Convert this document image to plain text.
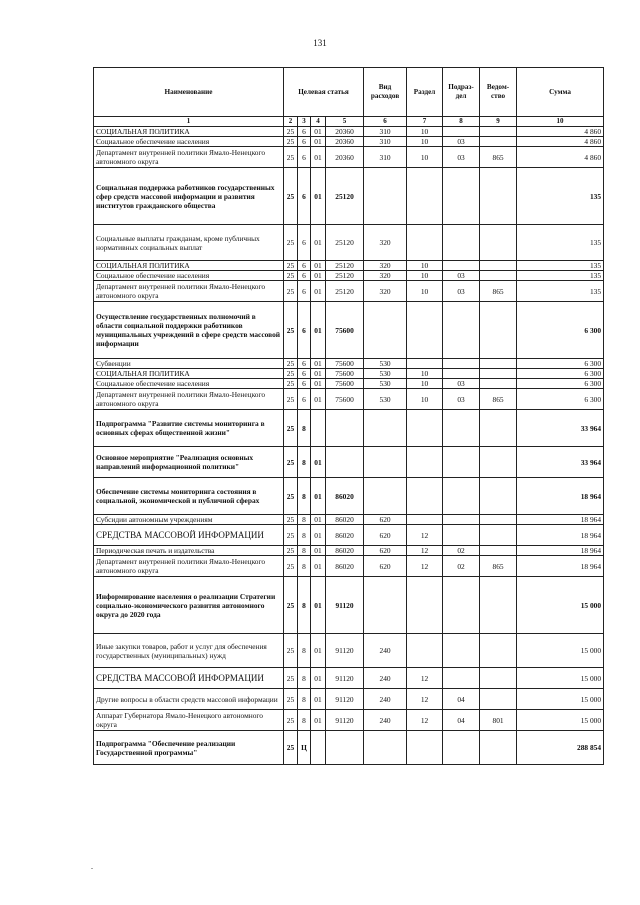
131
Наименование	Целевая статья				Вид расходов	Раздел	Подраз-дел	Ведом-ство	Сумма
1	2	3	4	5	6	7	8	9	10
СОЦИАЛЬНАЯ ПОЛИТИКА	25	6	01	20360	310	10			4 860
Социальное обеспечение населения	25	6	01	20360	310	10	03		4 860
Департамент внутренней политики Ямало-Ненецкого автономного округа	25	6	01	20360	310	10	03	865	4 860
Социальная поддержка работников государственных сфер средств массовой информации и развития институтов гражданского общества	25	6	01	25120					135
Социальные выплаты гражданам, кроме публичных нормативных социальных выплат	25	6	01	25120	320				135
СОЦИАЛЬНАЯ ПОЛИТИКА	25	6	01	25120	320	10			135
Социальное обеспечение населения	25	6	01	25120	320	10	03		135
Департамент внутренней политики Ямало-Ненецкого автономного округа	25	6	01	25120	320	10	03	865	135
Осуществление государственных полномочий в области социальной поддержки работников муниципальных учреждений в сфере средств массовой информации	25	6	01	75600					6 300
Субвенции	25	6	01	75600	530				6 300
СОЦИАЛЬНАЯ ПОЛИТИКА	25	6	01	75600	530	10			6 300
Социальное обеспечение населения	25	6	01	75600	530	10	03		6 300
Департамент внутренней политики Ямало-Ненецкого автономного округа	25	6	01	75600	530	10	03	865	6 300
Подпрограмма "Развитие системы мониторинга в основных сферах общественной жизни"	25	8							33 964
Основное мероприятие "Реализация основных направлений информационной политики"	25	8	01						33 964
Обеспечение системы мониторинга состояния в социальной, экономической и публичной сферах	25	8	01	86020					18 964
Субсидии автономным учреждениям	25	8	01	86020	620				18 964
СРЕДСТВА МАССОВОЙ ИНФОРМАЦИИ	25	8	01	86020	620	12			18 964
Периодическая печать и издательства	25	8	01	86020	620	12	02		18 964
Департамент внутренней политики Ямало-Ненецкого автономного округа	25	8	01	86020	620	12	02	865	18 964
Информирование населения о реализации Стратегии социально-экономического развития автономного округа до 2020 года	25	8	01	91120					15 000
Иные закупки товаров, работ и услуг для обеспечения государственных (муниципальных) нужд	25	8	01	91120	240				15 000
СРЕДСТВА МАССОВОЙ ИНФОРМАЦИИ	25	8	01	91120	240	12			15 000
Другие вопросы в области средств массовой информации	25	8	01	91120	240	12	04		15 000
Аппарат Губернатора Ямало-Ненецкого автономного округа	25	8	01	91120	240	12	04	801	15 000
Подпрограмма "Обеспечение реализации Государственной программы"	25	Ц							288 854
.
